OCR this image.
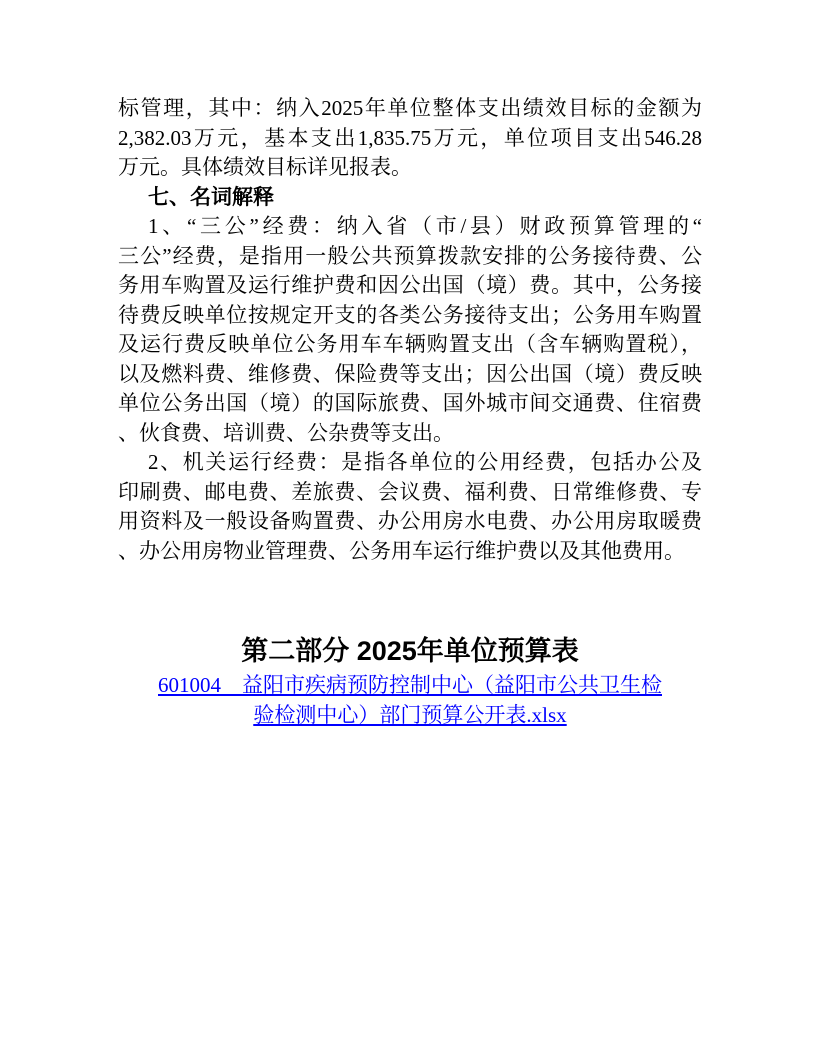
标管理，其中：纳入2025年单位整体支出绩效目标的金额为
2,382.03万元，基本支出1,835.75万元，单位项目支出546.28
万元。具体绩效目标详见报表。
七、名词解释
1、“三公”经费：纳入省（市/县）财政预算管理的“
三公”经费，是指用一般公共预算拨款安排的公务接待费、公
务用车购置及运行维护费和因公出国（境）费。其中，公务接
待费反映单位按规定开支的各类公务接待支出；公务用车购置
及运行费反映单位公务用车车辆购置支出（含车辆购置税），
以及燃料费、维修费、保险费等支出；因公出国（境）费反映
单位公务出国（境）的国际旅费、国外城市间交通费、住宿费
、伙食费、培训费、公杂费等支出。
2、机关运行经费：是指各单位的公用经费，包括办公及
印刷费、邮电费、差旅费、会议费、福利费、日常维修费、专
用资料及一般设备购置费、办公用房水电费、办公用房取暖费
、办公用房物业管理费、公务用车运行维护费以及其他费用。
第二部分 2025年单位预算表
601004　益阳市疾病预防控制中心（益阳市公共卫生检
验检测中心）部门预算公开表.xlsx
